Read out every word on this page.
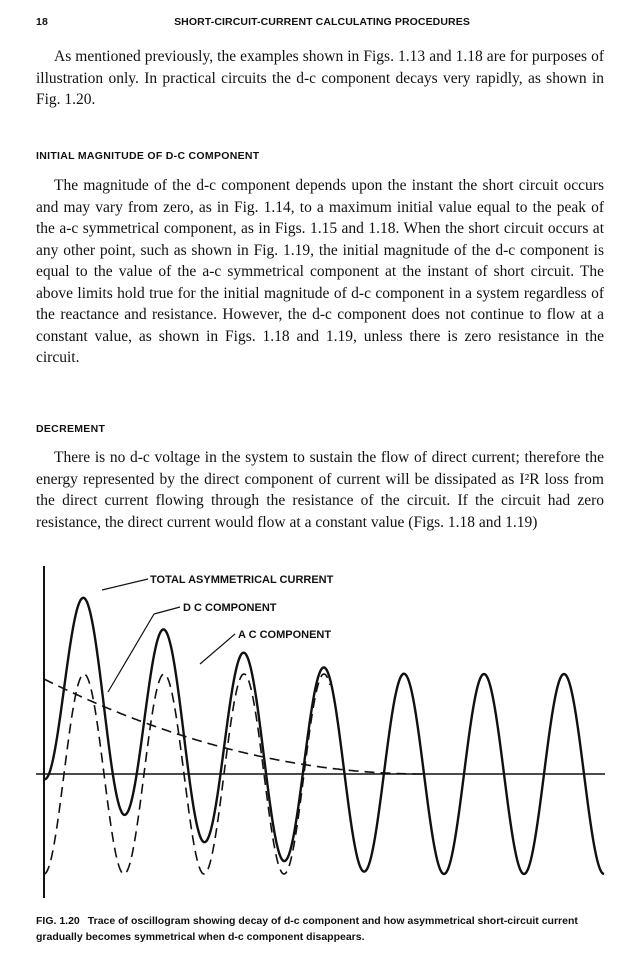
18	SHORT-CIRCUIT-CURRENT CALCULATING PROCEDURES

As mentioned previously, the examples shown in Figs. 1.13 and 1.18 are for purposes of illustration only. In practical circuits the d-c component decays very rapidly, as shown in Fig. 1.20.

INITIAL MAGNITUDE OF D-C COMPONENT

The magnitude of the d-c component depends upon the instant the short circuit occurs and may vary from zero, as in Fig. 1.14, to a maximum initial value equal to the peak of the a-c symmetrical component, as in Figs. 1.15 and 1.18. When the short circuit occurs at any other point, such as shown in Fig. 1.19, the initial magnitude of the d-c component is equal to the value of the a-c symmetrical component at the instant of short circuit. The above limits hold true for the initial magnitude of d-c component in a system regardless of the reactance and resistance. However, the d-c component does not continue to flow at a constant value, as shown in Figs. 1.18 and 1.19, unless there is zero resistance in the circuit.

DECREMENT

There is no d-c voltage in the system to sustain the flow of direct current; therefore the energy represented by the direct component of current will be dissipated as I²R loss from the direct current flowing through the resistance of the circuit. If the circuit had zero resistance, the direct current would flow at a constant value (Figs. 1.18 and 1.19)

TOTAL ASYMMETRICAL CURRENT
D C COMPONENT
A C COMPONENT

FIG. 1.20 Trace of oscillogram showing decay of d-c component and how asymmetrical short-circuit current gradually becomes symmetrical when d-c component disappears.
